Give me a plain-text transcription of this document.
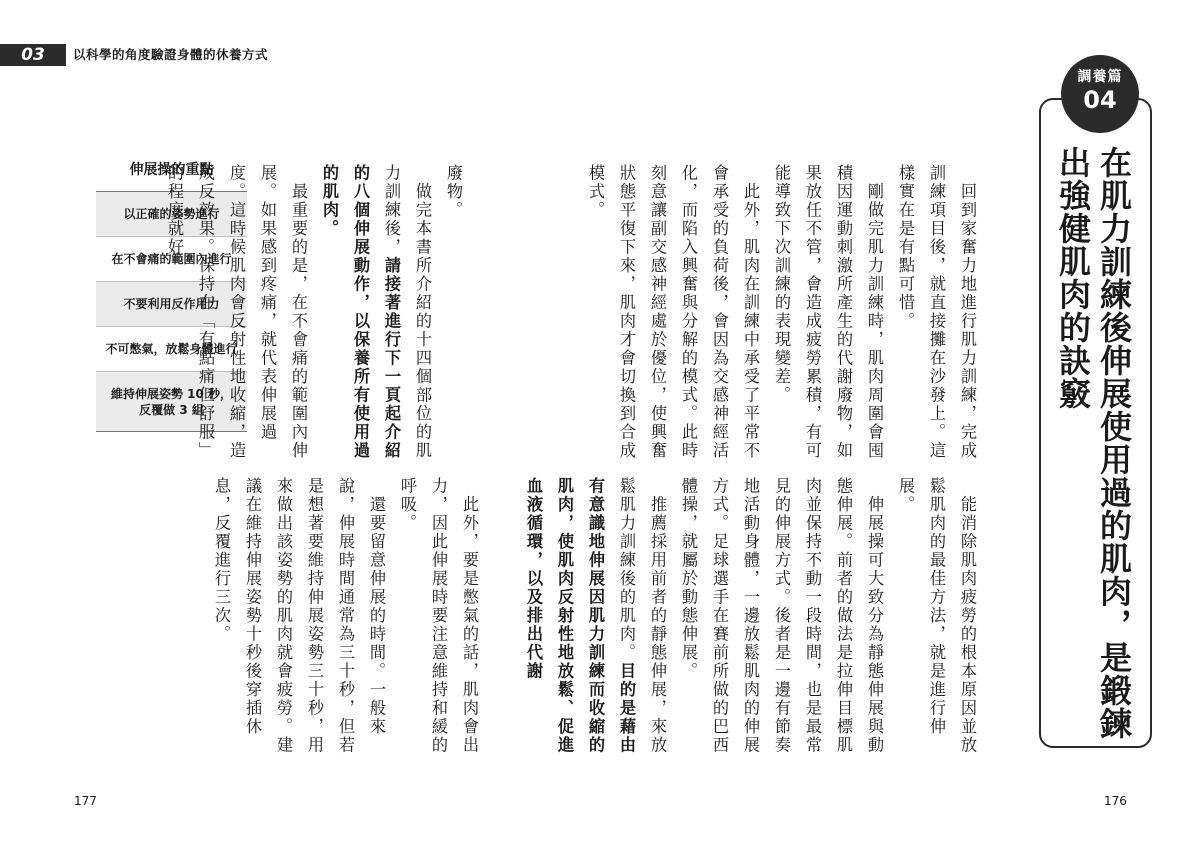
03	以科學的角度驗證身體的休養方式
伸展操的重點
以正確的姿勢進行
在不會痛的範圍內進行
不要利用反作用力
不可憋氣，放鬆身體進行
維持伸展姿勢 10 秒，
反覆做 3 組

廢物。
　做完本書所介紹的十四個部位的肌力訓練後，請接著進行下一頁起介紹的八個伸展動作，以保養所有使用過的肌肉。
　最重要的是，在不會痛的範圍內伸展。如果感到疼痛，就代表伸展過度。這時候肌肉會反射性地收縮，造成反效果。保持在「有點痛但舒服」的程度就好。

　此外，要是憋氣的話，肌肉會出力，因此伸展時要注意維持和緩的呼吸。
　還要留意伸展的時間。一般來說，伸展時間通常為三十秒，但若是想著要維持伸展姿勢三十秒，用來做出該姿勢的肌肉就會疲勞。建議在維持伸展姿勢十秒後穿插休息，反覆進行三次。

　回到家奮力地進行肌力訓練，完成訓練項目後，就直接攤在沙發上。這樣實在是有點可惜。
　剛做完肌力訓練時，肌肉周圍會囤積因運動刺激所產生的代謝廢物，如果放任不管，會造成疲勞累積，有可能導致下次訓練的表現變差。
　此外，肌肉在訓練中承受了平常不會承受的負荷後，會因為交感神經活化，而陷入興奮與分解的模式。此時刻意讓副交感神經處於優位，使興奮狀態平復下來，肌肉才會切換到合成模式。

　能消除肌肉疲勞的根本原因並放鬆肌肉的最佳方法，就是進行伸展。
　伸展操可大致分為靜態伸展與動態伸展。前者的做法是拉伸目標肌肉並保持不動一段時間，也是最常見的伸展方式。後者是一邊有節奏地活動身體，一邊放鬆肌肉的伸展方式。足球選手在賽前所做的巴西體操，就屬於動態伸展。
　推薦採用前者的靜態伸展，來放鬆肌力訓練後的肌肉。目的是藉由有意識地伸展因肌力訓練而收縮的肌肉，使肌肉反射性地放鬆、促進血液循環，以及排出代謝

調養篇
04
在肌力訓練後伸展使用過的肌肉，是鍛鍊出強健肌肉的訣竅
177	176
